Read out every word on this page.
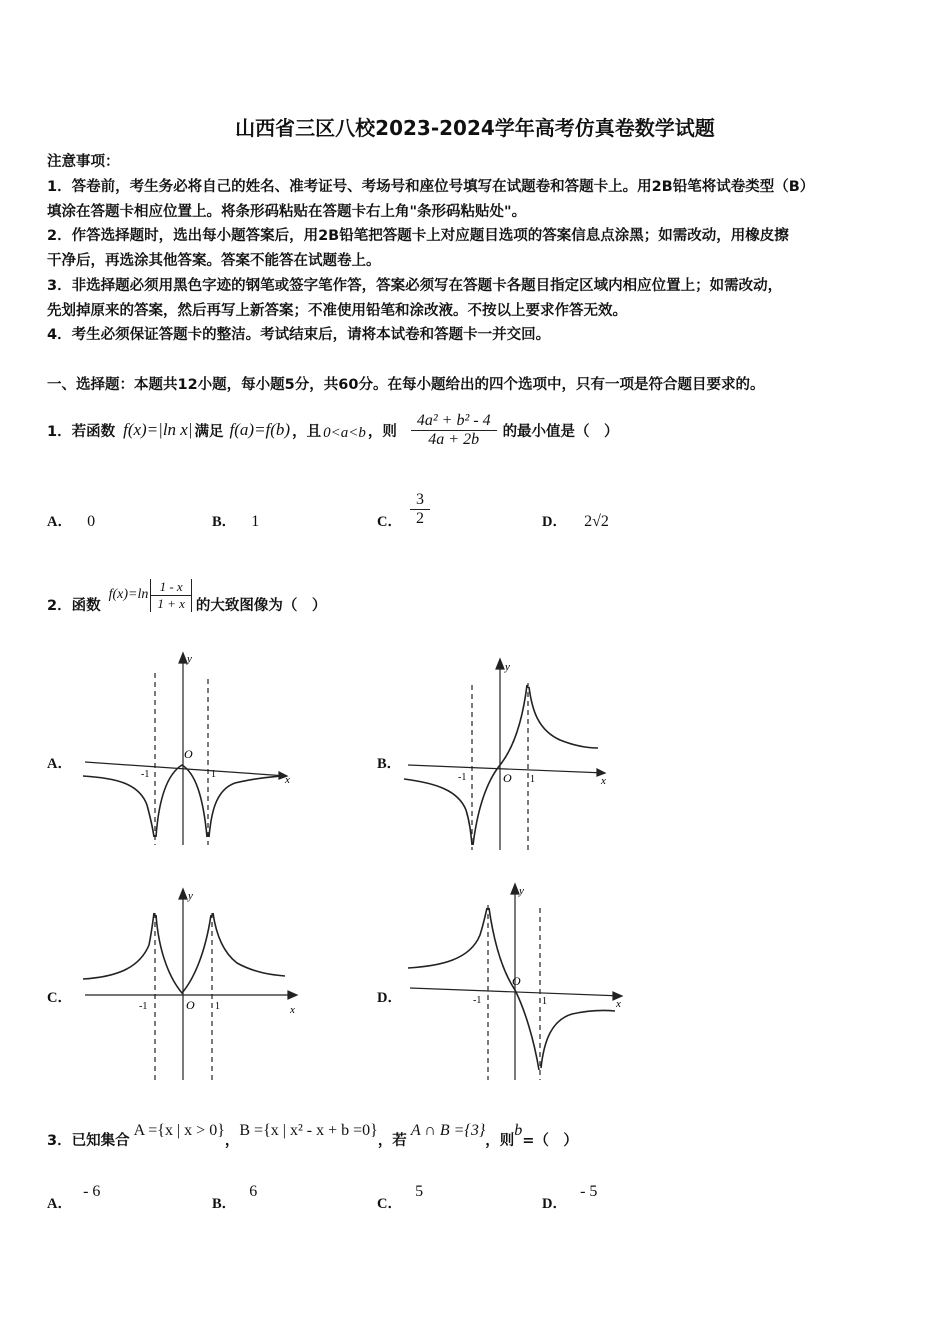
山西省三区八校2023-2024学年高考仿真卷数学试题
注意事项：
1．答卷前，考生务必将自己的姓名、准考证号、考场号和座位号填写在试题卷和答题卡上。用2B铅笔将试卷类型（B）
填涂在答题卡相应位置上。将条形码粘贴在答题卡右上角"条形码粘贴处"。
2．作答选择题时，选出每小题答案后，用2B铅笔把答题卡上对应题目选项的答案信息点涂黑；如需改动，用橡皮擦
干净后，再选涂其他答案。答案不能答在试题卷上。
3．非选择题必须用黑色字迹的钢笔或签字笔作答，答案必须写在答题卡各题目指定区域内相应位置上；如需改动，
先划掉原来的答案，然后再写上新答案；不准使用铅笔和涂改液。不按以上要求作答无效。
4．考生必须保证答题卡的整洁。考试结束后，请将本试卷和答题卡一并交回。
一、选择题：本题共12小题，每小题5分，共60分。在每小题给出的四个选项中，只有一项是符合题目要求的。
1．若函数 f(x)=|ln x| 满足 f(a)=f(b) ，且 0<a<b ，则 $\frac{\text{4a² + b² - 4}}{4a + 2b}$ 的最小值是（　）
A． 0	B． 1	C． $\frac{3}{2}$	D． 2√2
2．函数
$f(x)=\ln \frac{1 - x}{1 + x}$ 的大致图像为（　）
A．	B．
C．	D．
y
x
O
-1	1
y
x
O
-1	1
y
x
O
-1	1
y
x
O
-1	1
3．已知集合
A ={x | x > 0}
，
B ={x | x² - x + b =0}
，若
A ∩ B ={3}
，则
b
=（　）
A． - 6
B． 6
C． 5
D． - 5
